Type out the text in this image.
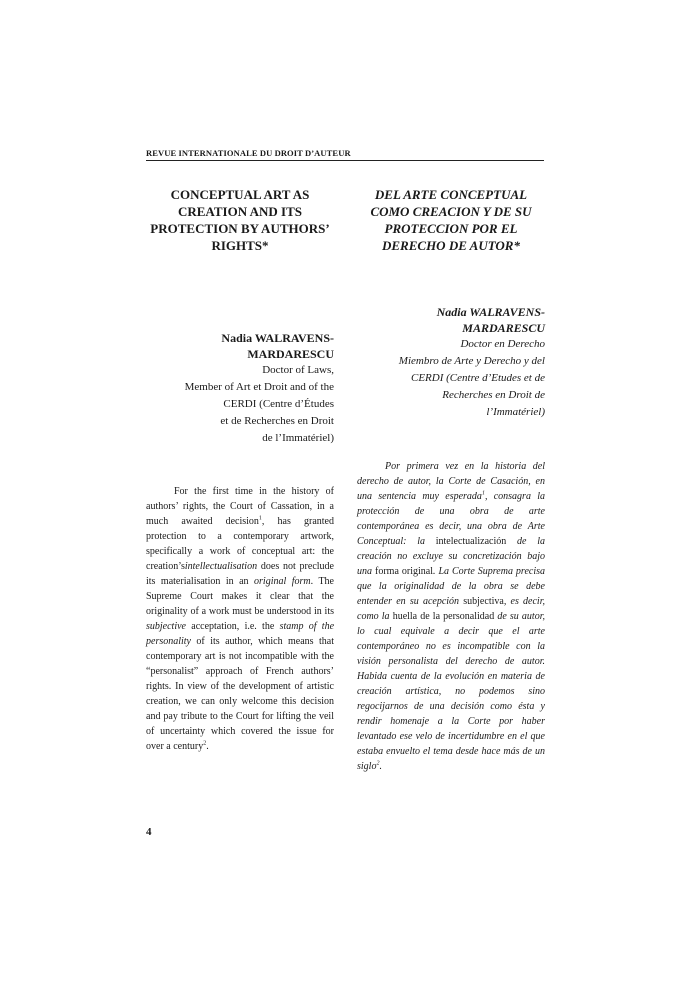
REVUE INTERNATIONALE DU DROIT D’AUTEUR
CONCEPTUAL ART AS CREATION AND ITS PROTECTION BY AUTHORS’ RIGHTS*
Nadia WALRAVENS-
MARDARESCU
Doctor of Laws,
Member of Art et Droit and of the
CERDI (Centre d’Études
et de Recherches en Droit
de l’Immatériel)

For the first time in the history of authors’ rights, the Court of Cassation, in a much awaited decision$^1$, has granted protection to a contemporary artwork, specifically a work of conceptual art: the creation’sintellectualisation does not preclude its materialisation in an original form. The Supreme Court makes it clear that the originality of a work must be understood in its subjective acceptation, i.e. the stamp of the personality of its author, which means that contemporary art is not incompatible with the “personalist” approach of French authors’ rights. In view of the development of artistic creation, we can only welcome this decision and pay tribute to the Court for lifting the veil of uncertainty which covered the issue for over a century$^2$.

DEL ARTE CONCEPTUAL COMO CREACION Y DE SU PROTECCION POR EL DERECHO DE AUTOR*
Nadia WALRAVENS-
MARDARESCU
Doctor en Derecho
Miembro de Arte y Derecho y del
CERDI (Centre d’Etudes et de
Recherches en Droit de
l’Immatériel)

Por primera vez en la historia del derecho de autor, la Corte de Casación, en una sentencia muy esperada$^1$, consagra la protección de una obra de arte contemporánea es decir, una obra de Arte Conceptual: la intelectualización de la creación no excluye su concretización bajo una forma original. La Corte Suprema precisa que la originalidad de la obra se debe entender en su acepción subjectiva, es decir, como la huella de la personalidad de su autor, lo cual equivale a decir que el arte contemporáneo no es incompatible con la visión personalista del derecho de autor. Habida cuenta de la evolución en materia de creación artística, no podemos sino regocijarnos de una decisión como ésta y rendir homenaje a la Corte por haber levantado ese velo de incertidumbre en el que estaba envuelto el tema desde hace más de un siglo$^2$.

4
